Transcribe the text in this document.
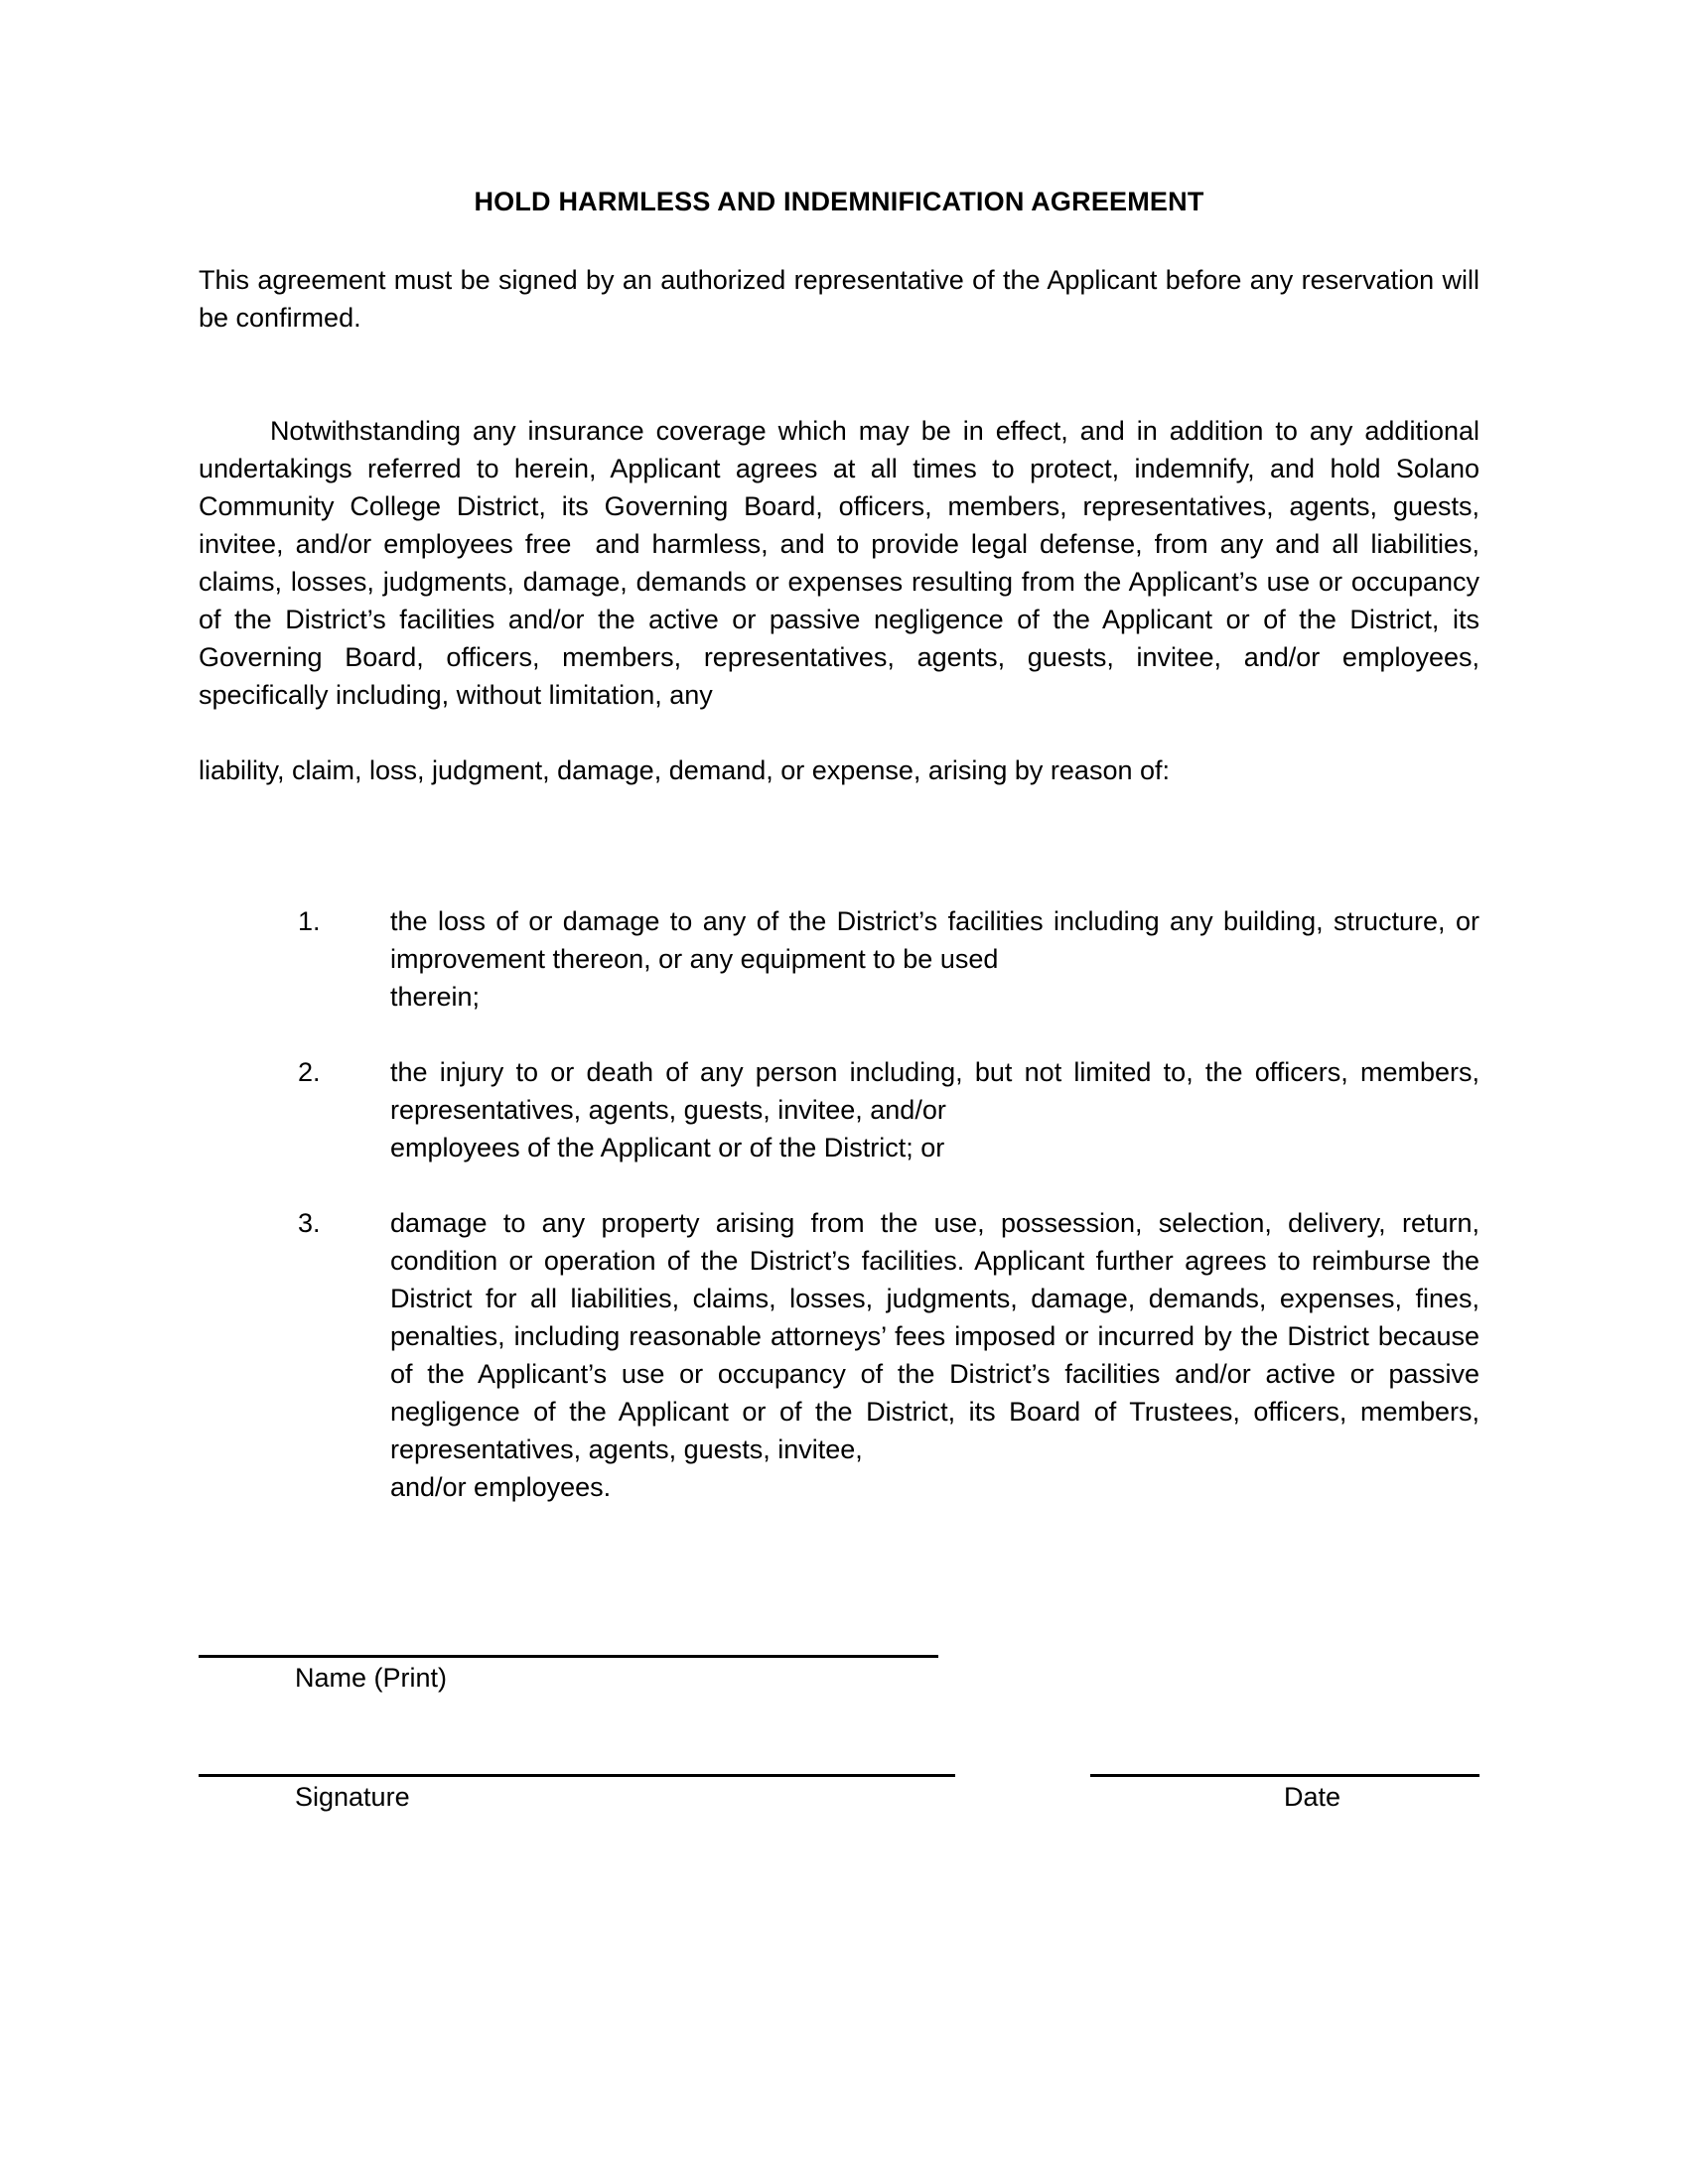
HOLD HARMLESS AND INDEMNIFICATION AGREEMENT

This agreement must be signed by an authorized representative of the Applicant before any reservation will be confirmed.

Notwithstanding any insurance coverage which may be in effect, and in addition to any additional undertakings referred to herein, Applicant agrees at all times to protect, indemnify, and hold Solano Community College District, its Governing Board, officers, members, representatives, agents, guests, invitee, and/or employees free  and harmless, and to provide legal defense, from any and all liabilities, claims, losses, judgments, damage, demands or expenses resulting from the Applicant’s use or occupancy of the District’s facilities and/or the active or passive negligence of the Applicant or of the District, its Governing Board, officers, members, representatives, agents, guests, invitee, and/or employees, specifically including, without limitation, any

liability, claim, loss, judgment, damage, demand, or expense, arising by reason of:

1.	the loss of or damage to any of the District’s facilities including any building, structure, or improvement thereon, or any equipment to be used
therein;
2.	the injury to or death of any person including, but not limited to, the officers, members, representatives, agents, guests, invitee, and/or
employees of the Applicant or of the District; or
3.	damage to any property arising from the use, possession, selection, delivery, return, condition or operation of the District’s facilities. Applicant further agrees to reimburse the District for all liabilities, claims, losses, judgments, damage, demands, expenses, fines, penalties, including reasonable attorneys’ fees imposed or incurred by the District because of the Applicant’s use or occupancy of the District’s facilities and/or active or passive negligence of the Applicant or of the District, its Board of Trustees, officers, members, representatives, agents, guests, invitee,
and/or employees.
Name (Print)
Signature	Date
